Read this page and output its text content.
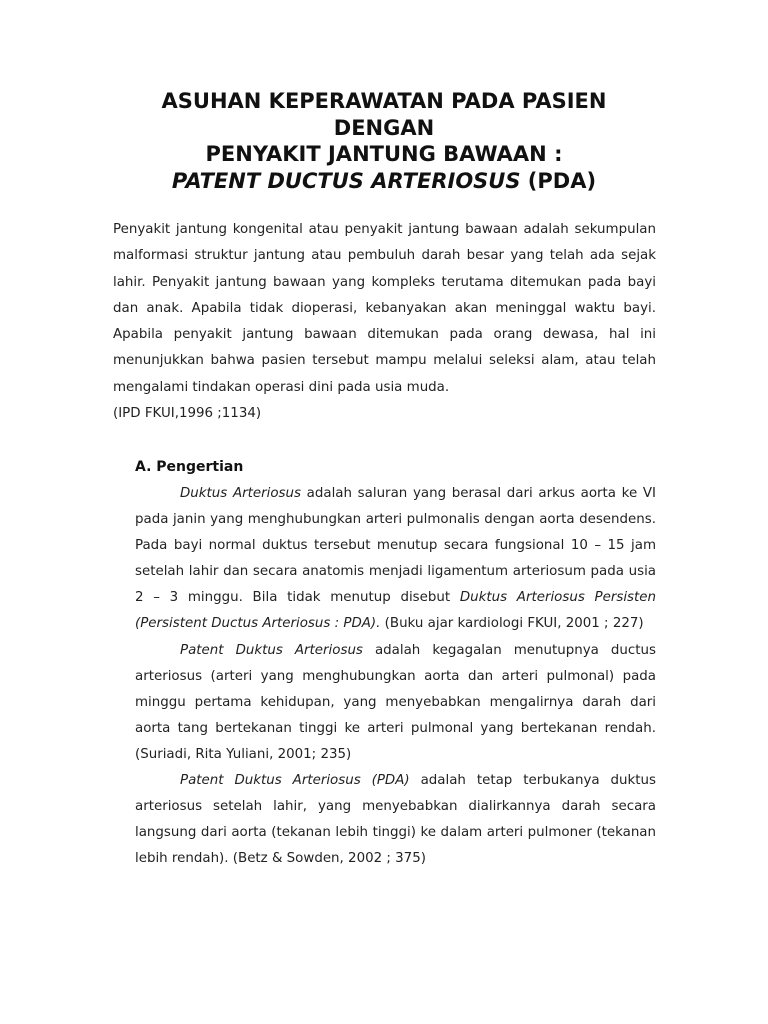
ASUHAN KEPERAWATAN PADA PASIEN
DENGAN
PENYAKIT JANTUNG BAWAAN :
PATENT DUCTUS ARTERIOSUS (PDA)
Penyakit jantung kongenital atau penyakit jantung bawaan adalah sekumpulan malformasi struktur jantung atau pembuluh darah besar yang telah ada sejak lahir. Penyakit jantung bawaan yang kompleks terutama ditemukan pada bayi dan anak. Apabila tidak dioperasi, kebanyakan akan meninggal waktu bayi. Apabila penyakit jantung bawaan ditemukan pada orang dewasa, hal ini menunjukkan bahwa pasien tersebut mampu melalui seleksi alam, atau telah mengalami tindakan operasi dini pada usia muda.
(IPD FKUI,1996 ;1134)
A. Pengertian

Duktus Arteriosus adalah saluran yang berasal dari arkus aorta ke VI pada janin yang menghubungkan arteri pulmonalis dengan aorta desendens. Pada bayi normal duktus tersebut menutup secara fungsional 10 – 15 jam setelah lahir dan secara anatomis menjadi ligamentum arteriosum pada usia 2 – 3 minggu. Bila tidak menutup disebut Duktus Arteriosus Persisten (Persistent Ductus Arteriosus : PDA). (Buku ajar kardiologi FKUI, 2001 ; 227)

Patent Duktus Arteriosus adalah kegagalan menutupnya ductus arteriosus (arteri yang menghubungkan aorta dan arteri pulmonal) pada minggu pertama kehidupan, yang menyebabkan mengalirnya darah dari aorta tang bertekanan tinggi ke arteri pulmonal yang bertekanan rendah. (Suriadi, Rita Yuliani, 2001; 235)

Patent Duktus Arteriosus (PDA) adalah tetap terbukanya duktus arteriosus setelah lahir, yang menyebabkan dialirkannya darah secara langsung dari aorta (tekanan lebih tinggi) ke dalam arteri pulmoner (tekanan lebih rendah). (Betz & Sowden, 2002 ; 375)
